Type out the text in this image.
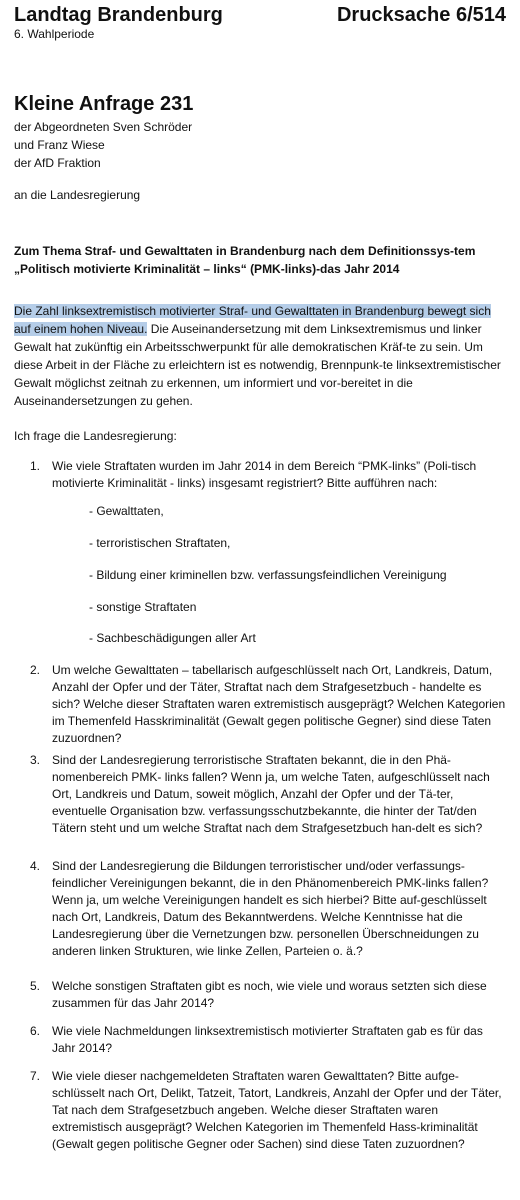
Landtag Brandenburg	Drucksache 6/514
6. Wahlperiode
Kleine Anfrage 231
der Abgeordneten Sven Schröder
und Franz Wiese
der AfD Fraktion
an die Landesregierung
Zum Thema Straf- und Gewalttaten in Brandenburg nach dem Definitionssys-tem „Politisch motivierte Kriminalität – links“ (PMK-links)-das Jahr 2014
Die Zahl linksextremistisch motivierter Straf- und Gewalttaten in Brandenburg bewegt sich auf einem hohen Niveau. Die Auseinandersetzung mit dem Linksextremismus und linker Gewalt hat zukünftig ein Arbeitsschwerpunkt für alle demokratischen Kräf-te zu sein. Um diese Arbeit in der Fläche zu erleichtern ist es notwendig, Brennpunk-te linksextremistischer Gewalt möglichst zeitnah zu erkennen, um informiert und vor-bereitet in die Auseinandersetzungen zu gehen.
Ich frage die Landesregierung:
1. Wie viele Straftaten wurden im Jahr 2014 in dem Bereich “PMK-links” (Poli-tisch motivierte Kriminalität - links) insgesamt registriert? Bitte aufführen nach:
- Gewalttaten,
- terroristischen Straftaten,
- Bildung einer kriminellen bzw. verfassungsfeindlichen Vereinigung
- sonstige Straftaten
- Sachbeschädigungen aller Art
2. Um welche Gewalttaten – tabellarisch aufgeschlüsselt nach Ort, Landkreis, Datum, Anzahl der Opfer und der Täter, Straftat nach dem Strafgesetzbuch - handelte es sich? Welche dieser Straftaten waren extremistisch ausgeprägt? Welchen Kategorien im Themenfeld Hasskriminalität (Gewalt gegen politische Gegner) sind diese Taten zuzuordnen?
3. Sind der Landesregierung terroristische Straftaten bekannt, die in den Phä-nomenbereich PMK- links fallen? Wenn ja, um welche Taten, aufgeschlüsselt nach Ort, Landkreis und Datum, soweit möglich, Anzahl der Opfer und der Tä-ter, eventuelle Organisation bzw. verfassungsschutzbekannte, die hinter der Tat/den Tätern steht und um welche Straftat nach dem Strafgesetzbuch han-delt es sich?
4. Sind der Landesregierung die Bildungen terroristischer und/oder verfassungs-feindlicher Vereinigungen bekannt, die in den Phänomenbereich PMK-links fallen? Wenn ja, um welche Vereinigungen handelt es sich hierbei? Bitte auf-geschlüsselt nach Ort, Landkreis, Datum des Bekanntwerdens. Welche Kenntnisse hat die Landesregierung über die Vernetzungen bzw. personellen Überschneidungen zu anderen linken Strukturen, wie linke Zellen, Parteien o. ä.?
5. Welche sonstigen Straftaten gibt es noch, wie viele und woraus setzten sich diese zusammen für das Jahr 2014?
6. Wie viele Nachmeldungen linksextremistisch motivierter Straftaten gab es für das Jahr 2014?
7. Wie viele dieser nachgemeldeten Straftaten waren Gewalttaten? Bitte aufge-schlüsselt nach Ort, Delikt, Tatzeit, Tatort, Landkreis, Anzahl der Opfer und der Täter, Tat nach dem Strafgesetzbuch angeben. Welche dieser Straftaten waren extremistisch ausgeprägt? Welchen Kategorien im Themenfeld Hass-kriminalität (Gewalt gegen politische Gegner oder Sachen) sind diese Taten zuzuordnen?
